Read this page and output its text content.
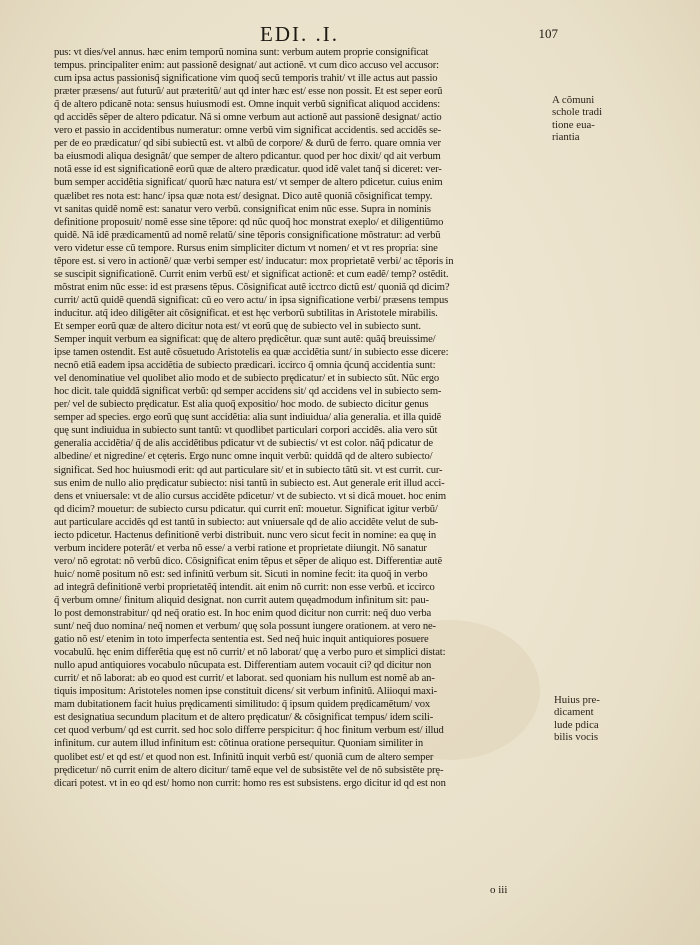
EDI. .I.	107
pus: vt dies/vel annus. hæc enim temporũ nomina sunt: verbum autem proprie consignificat
tempus. principaliter enim: aut passionẽ designat/ aut actionẽ. vt cum dico accuso vel accusor:
cum ipsa actus passionisq̃ significatione vim quoq̃ secũ temporis trahit/ vt ille actus aut passio
præter præsens/ aut futurũ/ aut præteritũ/ aut qd inter hæc est/ esse non possit. Et est seper eorũ
q̃ de altero pdicanẽ nota: sensus huiusmodi est. Omne inquit verbũ significat aliquod accidens:
qd accidẽs sẽper de altero pdicatur. Nã si omne verbum aut actionẽ aut passionẽ designat/ actio
vero et passio in accidentibus numeratur: omne verbũ vim significat accidentis. sed accidẽs se-
per de eo prædicatur/ qd sibi subiectũ est. vt albũ de corpore/ & durũ de ferro. quare omnia ver
ba eiusmodi aliqua designãt/ que semper de altero pdicantur. quod per hoc dixit/ qd ait verbum
notã esse id est significationẽ eorũ quæ de altero prædicatur. quod idẽ valet tanq̃ si diceret: ver-
bum semper accidẽtia significat/ quorũ hæc natura est/ vt semper de altero pdicetur. cuius enim
»» quælibet res nota est: hanc/ ipsa quæ nota est/ designat. Dico autẽ quoniã cõsignificat tempy.
»» vt sanitas quidẽ nomẽ est: sanatur vero verbũ. consignificat enim nũc esse. Supra in nominis
definitione proposuit/ nomẽ esse sine tẽpore: qd nũc quoq̃ hoc monstrat exeplo/ et diligentiũmo
quidẽ. Nã idẽ prædicamentũ ad nomẽ relatũ/ sine tẽporis consignificatione mõstratur: ad verbũ
vero videtur esse cũ tempore. Rursus enim simpliciter dictum vt nomen/ et vt res propria: sine
tẽpore est. si vero in actionẽ/ quæ verbi semper est/ inducatur: mox proprietatẽ verbi/ ac tẽporis in
se suscipit significationẽ. Currit enim verbũ est/ et significat actionẽ: et cum eadẽ/ temp? ostẽdit.
mõstrat enim nũc esse: id est præsens tẽpus. Cõsignificat autẽ icctrco dictũ est/ quoniã qd dicim?
currit/ actũ quidẽ quendã significat: cũ eo vero actu/ in ipsa significatione verbi/ præsens tempus
inducitur. atq̃ ideo diligẽter ait cõsignificat. et est hęc verborũ subtilitas in Aristotele mirabilis.
»» Et semper eorũ quæ de altero dicitur nota est/ vt eorũ quę de subiecto vel in subiecto sunt.
Semper inquit verbum ea significat: quę de altero prędicẽtur. quæ sunt autẽ: quãq̃ breuissime/
ipse tamen ostendit. Est autẽ cõsuetudo Aristotelis ea quæ accidẽtia sunt/ in subiecto esse dicere:
necnõ etiã eadem ipsa accidẽtia de subiecto prædicari. iccirco q̃ omnia q̃cunq̃ accidentia sunt:
vel denominatiue vel quolibet alio modo et de subiecto prędicatur/ et in subiecto sũt. Nũc ergo
hoc dicit. tale quiddã significat verbũ: qd semper accidens sit/ qd accidens vel in subiecto sem-
per/ vel de subiecto prędicatur. Est alia quoq̃ expositio/ hoc modo. de subiecto dicitur genus
semper ad species. ergo eorũ quę sunt accidẽtia: alia sunt indiuidua/ alia generalia. et illa quidẽ
quę sunt indiuidua in subiecto sunt tantũ: vt quodlibet particulari corpori accidẽs. alia vero sũt
generalia accidẽtia/ q̃ de alis accidẽtibus pdicatur vt de subiectis/ vt est color. nãq̃ pdicatur de
albedine/ et nigredine/ et cęteris. Ergo nunc omne inquit verbũ: quiddã qd de altero subiecto/
significat. Sed hoc huiusmodi erit: qd aut particulare sit/ et in subiecto tãtũ sit. vt est currit. cur-
sus enim de nullo alio prędicatur subiecto: nisi tantũ in subiecto est. Aut generale erit illud acci-
dens et vniuersale: vt de alio cursus accidẽte pdicetur/ vt de subiecto. vt si dicã mouet. hoc enim
qd dicim? mouetur: de subiecto cursu pdicatur. qui currit enĩ: mouetur. Significat igitur verbũ/
aut particulare accidẽs qd est tantũ in subiecto: aut vniuersale qd de alio accidẽte velut de sub-
iecto pdicetur. Hactenus definitionẽ verbi distribuit. nunc vero sicut fecit in nomine: ea quę in
»» verbum incidere poterãt/ et verba nõ esse/ a verbi ratione et proprietate diiungit. Nõ sanatur
vero/ nõ egrotat: nõ verbũ dico. Cõsignificat enim tẽpus et sẽper de aliquo est. Differentiæ autẽ
»» huic/ nomẽ positum nõ est: sed infinitũ verbum sit. Sicuti in nomine fecit: ita quoq̃ in verbo
ad integrã definitionẽ verbi proprietatẽq̃ intendit. ait enim nõ currit: non esse verbũ. et iccirco
q̃ verbum omne/ finitum aliquid designat. non currit autem quęadmodum infinitum sit: pau-
lo post demonstrabitur/ qd neq̃ oratio est. In hoc enim quod dicitur non currit: neq̃ duo verba
sunt/ neq̃ duo nomina/ neq̃ nomen et verbum/ quę sola possunt iungere orationem. at vero ne-
gatio nõ est/ etenim in toto imperfecta sententia est. Sed neq̃ huic inquit antiquiores posuere
vocabulũ. hęc enim differẽtia quę est nõ currit/ et nõ laborat/ quę a verbo puro et simplici distat:
nullo apud antiquiores vocabulo nũcupata est. Differentiam autem vocauit ci? qd dicitur non
currit/ et nõ laborat: ab eo quod est currit/ et laborat. sed quoniam his nullum est nomẽ ab an-
tiquis impositum: Aristoteles nomen ipse constituit dicens/ sit verbum infinitũ. Aliioqui maxi-
mam dubitationem facit huius prędicamenti similitudo: q̃ ipsum quidem prędicamẽtum/ vox
est designatiua secundum placitum et de altero prędicatur/ & cõsignificat tempus/ idem scili-
cet quod verbum/ qd est currit. sed hoc solo differre perspicitur: q̃ hoc finitum verbum est/ illud
»» infinitum. cur autem illud infinitum est: cõtinua oratione persequitur. Quoniam similiter in
»» quolibet est/ et qd est/ et quod non est. Infinitũ inquit verbũ est/ quoniã cum de altero semper
prędicetur/ nõ currit enim de altero dicitur/ tamẽ eque vel de subsistẽte vel de nõ subsistẽte prę-
dicari potest. vt in eo qd est/ homo non currit: homo res est subsistens. ergo dicitur id qd est non
A cõmuni
schole tradi
tione eua-
riantia
Huius pre-
dicament
lude pdica
bilis vocis
o iii
